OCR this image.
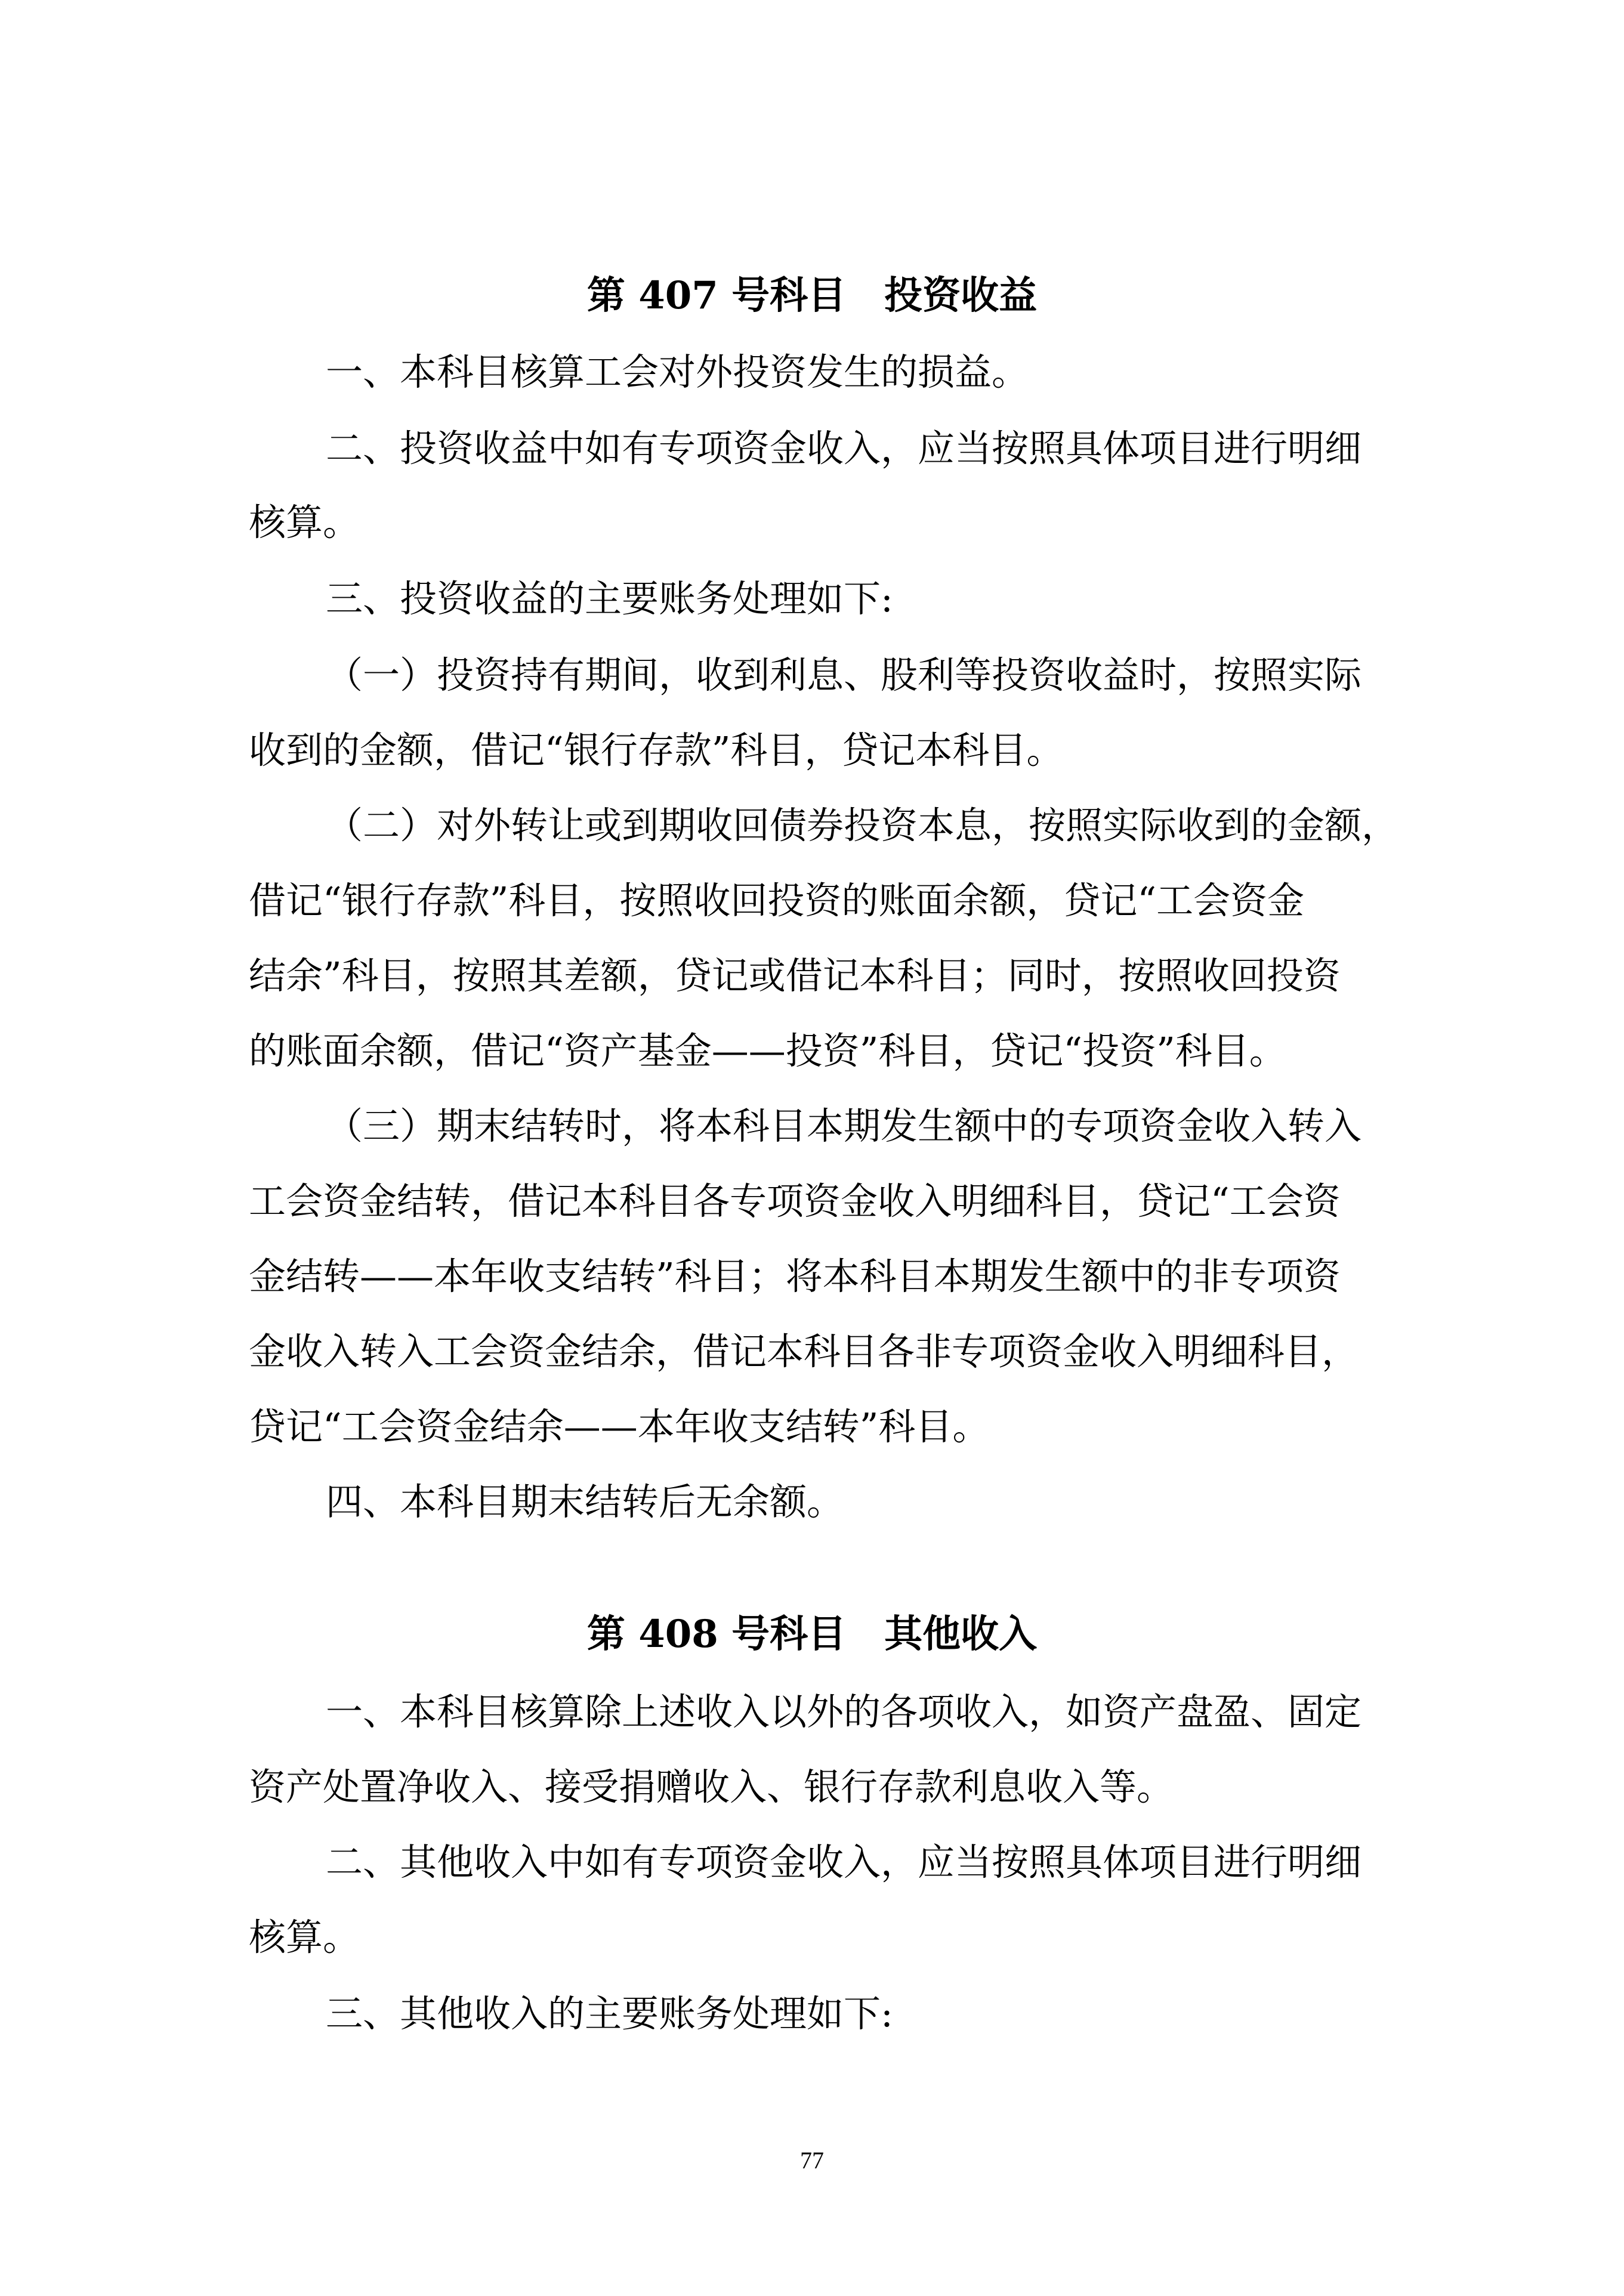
第 407 号科目　投资收益
一、本科目核算工会对外投资发生的损益。
二、投资收益中如有专项资金收入，应当按照具体项目进行明细
核算。
三、投资收益的主要账务处理如下:
（一）投资持有期间，收到利息、股利等投资收益时，按照实际
收到的金额，借记“银行存款”科目，贷记本科目。
（二）对外转让或到期收回债券投资本息，按照实际收到的金额，
借记“银行存款”科目，按照收回投资的账面余额，贷记“工会资金
结余”科目，按照其差额，贷记或借记本科目；同时，按照收回投资
的账面余额，借记“资产基金——投资”科目，贷记“投资”科目。
（三）期末结转时，将本科目本期发生额中的专项资金收入转入
工会资金结转，借记本科目各专项资金收入明细科目，贷记“工会资
金结转——本年收支结转”科目；将本科目本期发生额中的非专项资
金收入转入工会资金结余，借记本科目各非专项资金收入明细科目，
贷记“工会资金结余——本年收支结转”科目。
四、本科目期末结转后无余额。
第 408 号科目　其他收入
一、本科目核算除上述收入以外的各项收入，如资产盘盈、固定
资产处置净收入、接受捐赠收入、银行存款利息收入等。
二、其他收入中如有专项资金收入，应当按照具体项目进行明细
核算。
三、其他收入的主要账务处理如下:
77
